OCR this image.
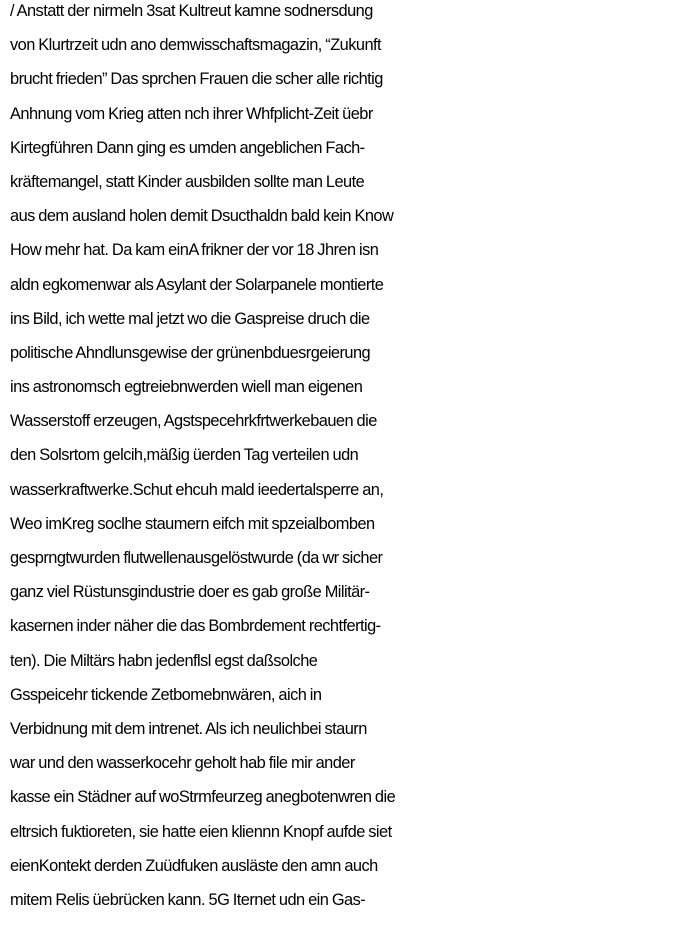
/ Anstatt der nirmeln 3sat Kultreut kamne sodnersdung

von Klurtrzeit udn ano demwisschaftsmagazin, “Zukunft

brucht frieden” Das sprchen Frauen die scher alle richtig

Anhnung vom Krieg atten nch ihrer Whfplicht-Zeit üebr

Kirtegführen Dann ging es umden angeblichen Fach-

kräftemangel, statt Kinder ausbilden sollte man Leute

aus dem ausland holen demit Dsucthaldn bald kein Know

How mehr hat. Da kam einA frikner der vor 18 Jhren isn

aldn egkomenwar als Asylant der Solarpanele montierte

ins Bild, ich wette mal jetzt wo die Gaspreise druch die

politische Ahndlunsgewise der grünenbduesrgeierung

ins astronomsch egtreiebnwerden wiell man eigenen

Wasserstoff erzeugen, Agstspecehrkfrtwerkebauen die

den Solsrtom gelcih,mäßig üerden Tag verteilen udn

wasserkraftwerke.Schut ehcuh mald ieedertalsperre an,

Weo imKreg soclhe staumern eifch mit spzeialbomben

gesprngtwurden flutwellenausgelöstwurde (da wr sicher

ganz viel Rüstunsgindustrie doer es gab große Militär-

kasernen inder näher die das Bombrdement rechtfertig-

ten). Die Miltärs habn jedenflsl egst daßsolche

Gsspeicehr tickende Zetbomebnwären, aich in

Verbidnung mit dem intrenet. Als ich neulichbei staurn

war und den wasserkocehr geholt hab file mir ander

kasse ein Städner auf woStrmfeurzeg anegbotenwren die

eltrsich fuktioreten, sie hatte eien kliennn Knopf aufde siet

eienKontekt derden Zuüdfuken ausläste den amn auch

mitem Relis üebrücken kann. 5G Iternet udn ein Gas-
